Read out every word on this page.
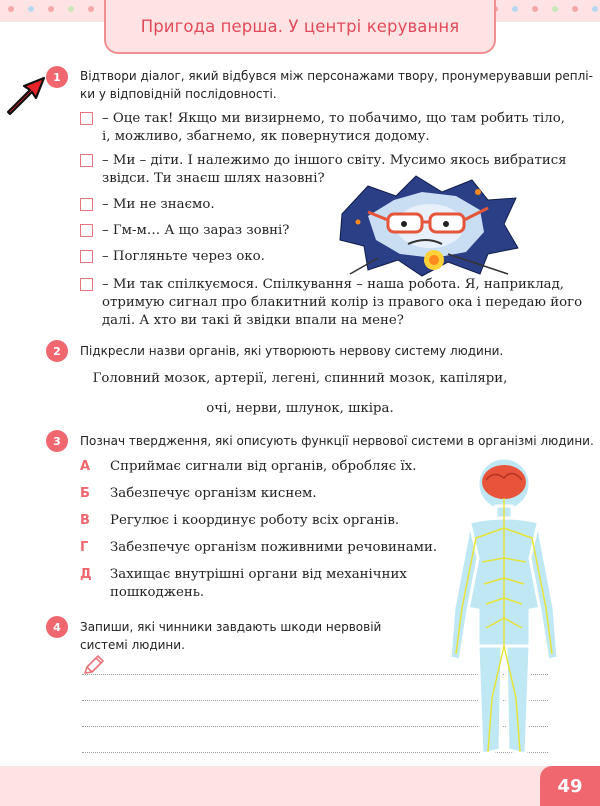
Пригода перша. У центрі керування
1	Відтвори діалог, який відбувся між персонажами твору, пронумерувавши реплі-
ки у відповідній послідовності.
– Оце так! Якщо ми визирнемо, то побачимо, що там робить тіло,
і, можливо, збагнемо, як повернутися додому.
– Ми – діти. І належимо до іншого світу. Мусимо якось вибратися
звідси. Ти знаєш шлях назовні?
– Ми не знаємо.
– Гм-м… А що зараз зовні?
– Погляньте через око.
– Ми так спілкуємося. Спілкування – наша робота. Я, наприклад,
отримую сигнал про блакитний колір із правого ока і передаю його
далі. А хто ви такі й звідки впали на мене?
2	Підкресли назви органів, які утворюють нервову систему людини.
Головний мозок, артерії, легені, спинний мозок, капіляри,
очі, нерви, шлунок, шкіра.
3	Познач твердження, які описують функції нервової системи в організмі людини.
А	Сприймає сигнали від органів, обробляє їх.
Б	Забезпечує організм киснем.
В	Регулює і координує роботу всіх органів.
Г	Забезпечує організм поживними речовинами.
Д	Захищає внутрішні органи від механічних
пошкоджень.
4	Запиши, які чинники завдають шкоди нервовій
системі людини.
49
